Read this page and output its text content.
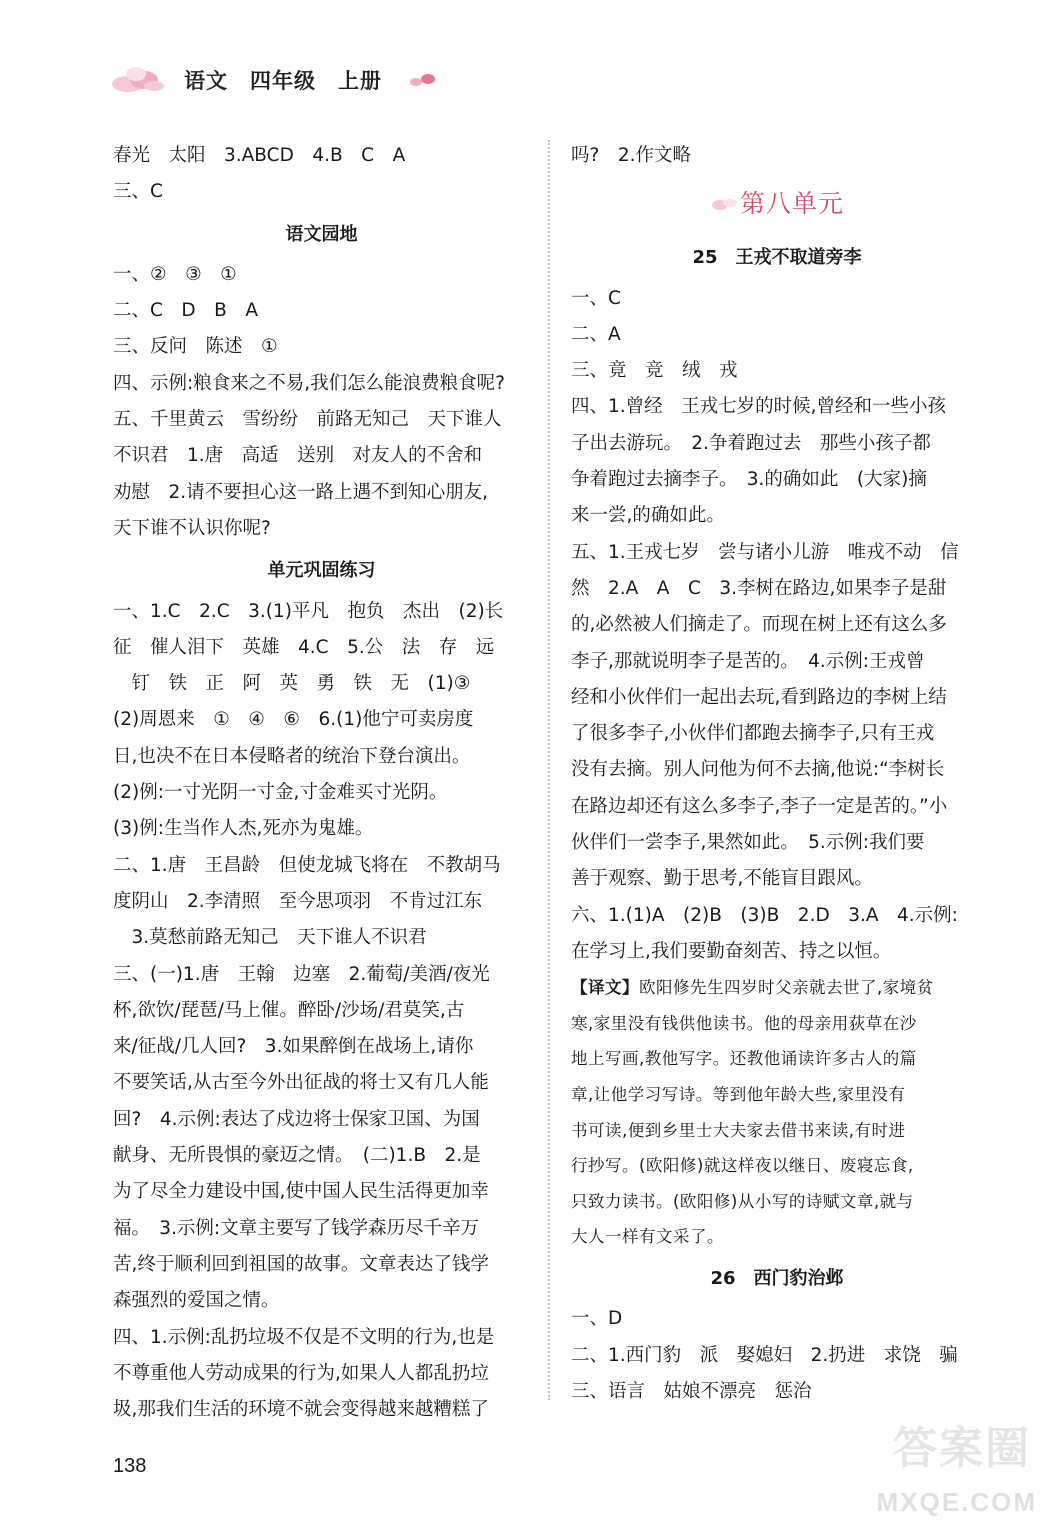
语文 四年级 上册
春光　太阳　3.ABCD　4.B　C　A
三、C
语文园地
一、②　③　①
二、C　D　B　A
三、反问　陈述　①
四、示例:粮食来之不易,我们怎么能浪费粮食呢?
五、千里黄云　雪纷纷　前路无知己　天下谁人
不识君　1.唐　高适　送别　对友人的不舍和
劝慰　2.请不要担心这一路上遇不到知心朋友,
天下谁不认识你呢?
单元巩固练习
一、1.C　2.C　3.(1)平凡　抱负　杰出　(2)长
征　催人泪下　英雄　4.C　5.公　法　存　远
　钉　铁　正　阿　英　勇　铁　无　(1)③
(2)周恩来　①　④　⑥　6.(1)他宁可卖房度
日,也决不在日本侵略者的统治下登台演出。
(2)例:一寸光阴一寸金,寸金难买寸光阴。
(3)例:生当作人杰,死亦为鬼雄。
二、1.唐　王昌龄　但使龙城飞将在　不教胡马
度阴山　2.李清照　至今思项羽　不肯过江东
　3.莫愁前路无知己　天下谁人不识君
三、(一)1.唐　王翰　边塞　2.葡萄/美酒/夜光
杯,欲饮/琵琶/马上催。醉卧/沙场/君莫笑,古
来/征战/几人回?　3.如果醉倒在战场上,请你
不要笑话,从古至今外出征战的将士又有几人能
回?　4.示例:表达了戍边将士保家卫国、为国
献身、无所畏惧的豪迈之情。　(二)1.B　2.是
为了尽全力建设中国,使中国人民生活得更加幸
福。　3.示例:文章主要写了钱学森历尽千辛万
苦,终于顺利回到祖国的故事。文章表达了钱学
森强烈的爱国之情。
四、1.示例:乱扔垃圾不仅是不文明的行为,也是
不尊重他人劳动成果的行为,如果人人都乱扔垃
圾,那我们生活的环境不就会变得越来越糟糕了
吗?　2.作文略
第八单元
25　王戎不取道旁李
一、C
二、A
三、竟　竞　绒　戎
四、1.曾经　王戎七岁的时候,曾经和一些小孩
子出去游玩。　2.争着跑过去　那些小孩子都
争着跑过去摘李子。　3.的确如此　(大家)摘
来一尝,的确如此。
五、1.王戎七岁　尝与诸小儿游　唯戎不动　信
然　2.A　A　C　3.李树在路边,如果李子是甜
的,必然被人们摘走了。而现在树上还有这么多
李子,那就说明李子是苦的。　4.示例:王戎曾
经和小伙伴们一起出去玩,看到路边的李树上结
了很多李子,小伙伴们都跑去摘李子,只有王戎
没有去摘。别人问他为何不去摘,他说:“李树长
在路边却还有这么多李子,李子一定是苦的。”小
伙伴们一尝李子,果然如此。　5.示例:我们要
善于观察、勤于思考,不能盲目跟风。
六、1.(1)A　(2)B　(3)B　2.D　3.A　4.示例:
在学习上,我们要勤奋刻苦、持之以恒。
【译文】欧阳修先生四岁时父亲就去世了,家境贫
寒,家里没有钱供他读书。他的母亲用荻草在沙
地上写画,教他写字。还教他诵读许多古人的篇
章,让他学习写诗。等到他年龄大些,家里没有
书可读,便到乡里士大夫家去借书来读,有时进
行抄写。(欧阳修)就这样夜以继日、废寝忘食,
只致力读书。(欧阳修)从小写的诗赋文章,就与
大人一样有文采了。
26　西门豹治邺
一、D
二、1.西门豹　派　娶媳妇　2.扔进　求饶　骗
三、语言　姑娘不漂亮　惩治
138	答案圈
MXQE.COM
